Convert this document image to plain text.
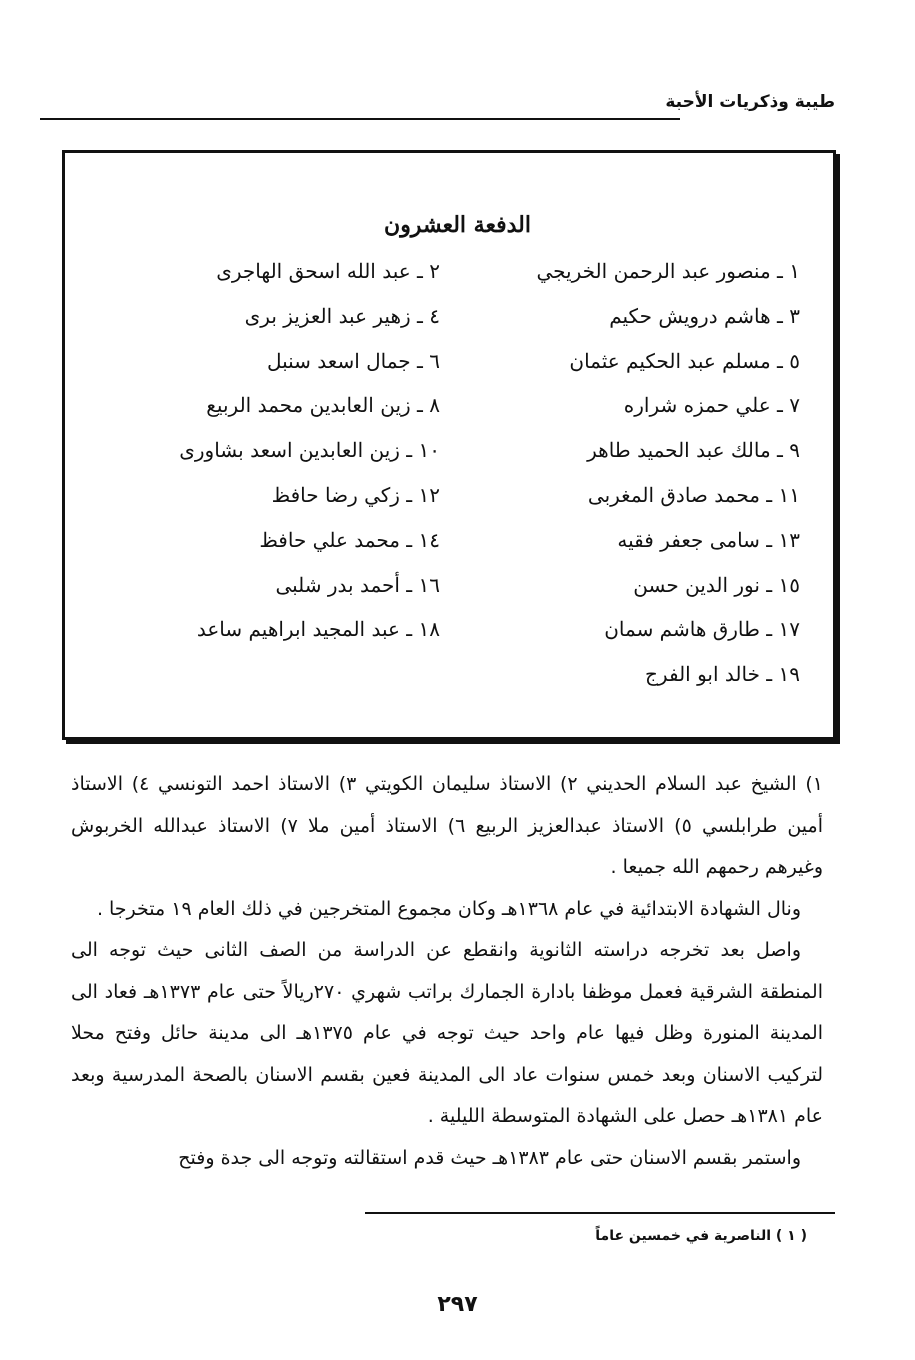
طيبة وذكريات الأحبة
الدفعة العشرون
١ ـ منصور عبد الرحمن الخريجي
٢ ـ عبد الله اسحق الهاجرى
٣ ـ هاشم درويش حكيم
٤ ـ زهير عبد العزيز برى
٥ ـ مسلم عبد الحكيم عثمان
٦ ـ جمال اسعد سنبل
٧ ـ علي حمزه شراره
٨ ـ زين العابدين محمد الربيع
٩ ـ مالك عبد الحميد طاهر
١٠ ـ زين العابدين اسعد بشاورى
١١ ـ محمد صادق المغربى
١٢ ـ زكي رضا حافظ
١٣ ـ سامى جعفر فقيه
١٤ ـ محمد علي حافظ
١٥ ـ نور الدين حسن
١٦ ـ أحمد بدر شلبى
١٧ ـ طارق هاشم سمان
١٨ ـ عبد المجيد ابراهيم ساعد
١٩ ـ خالد ابو الفرج

١) الشيخ عبد السلام الحديني ٢) الاستاذ سليمان الكويتي ٣) الاستاذ احمد التونسي ٤) الاستاذ أمين طرابلسي ٥) الاستاذ عبدالعزيز الربيع ٦) الاستاذ أمين ملا ٧) الاستاذ عبدالله الخربوش وغيرهم رحمهم الله جميعا .

ونال الشهادة الابتدائية في عام ١٣٦٨هـ وكان مجموع المتخرجين في ذلك العام ١٩ متخرجا .

واصل بعد تخرجه دراسته الثانوية وانقطع عن الدراسة من الصف الثانى حيث توجه الى المنطقة الشرقية فعمل موظفا بادارة الجمارك براتب شهري ٢٧٠ريالاً حتى عام ١٣٧٣هـ فعاد الى المدينة المنورة وظل فيها عام واحد حيث توجه في عام ١٣٧٥هـ الى مدينة حائل وفتح محلا لتركيب الاسنان وبعد خمس سنوات عاد الى المدينة فعين بقسم الاسنان بالصحة المدرسية وبعد عام ١٣٨١هـ حصل على الشهادة المتوسطة الليلية .

واستمر بقسم الاسنان حتى عام ١٣٨٣هـ حيث قدم استقالته وتوجه الى جدة وفتح

( ١ ) الناصرية في خمسين عاماً
٢٩٧
